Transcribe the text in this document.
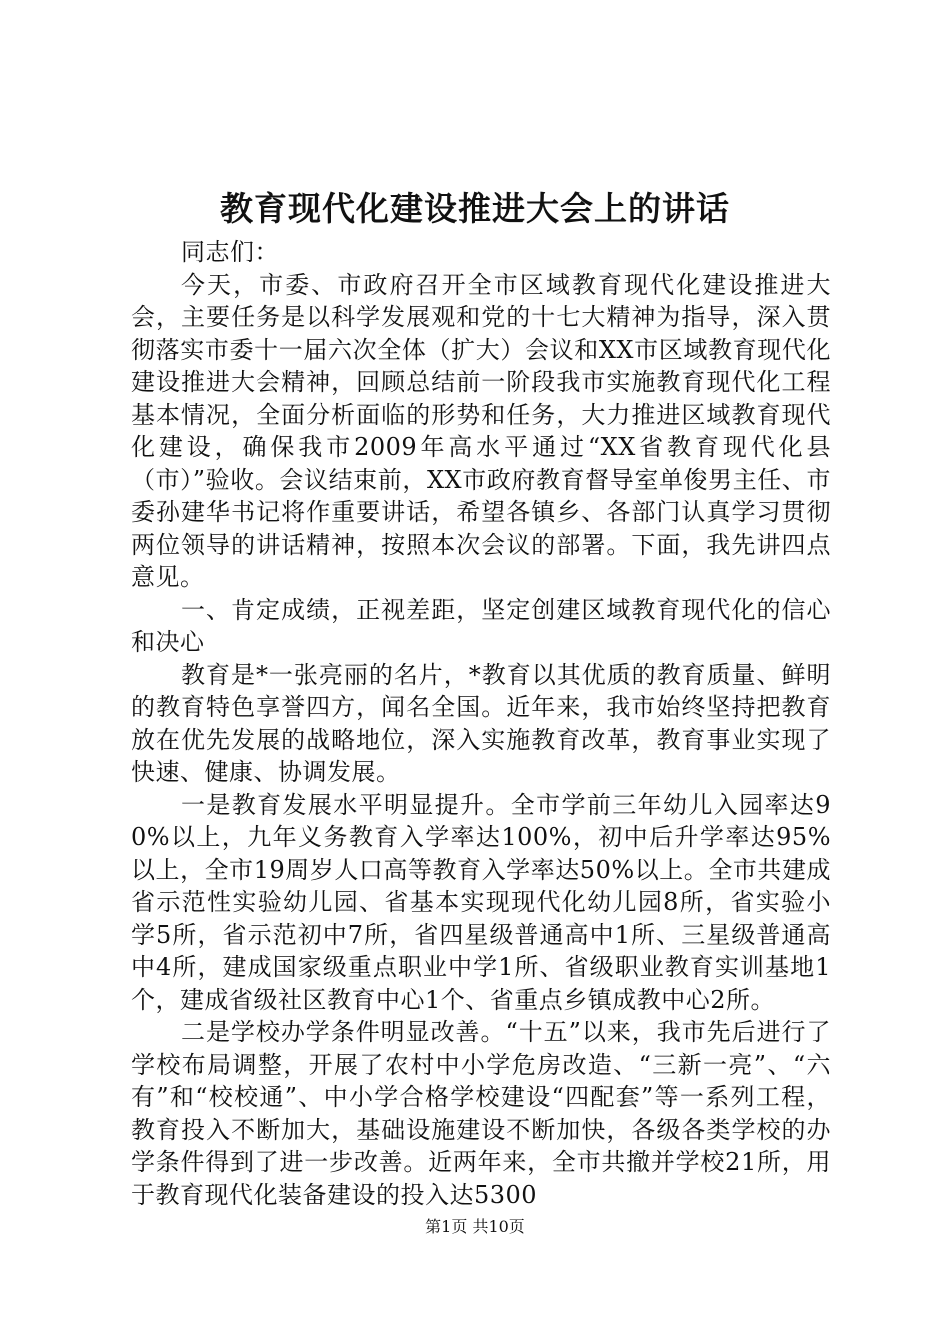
教育现代化建设推进大会上的讲话

同志们：

今天，市委、市政府召开全市区域教育现代化建设推进大会，主要任务是以科学发展观和党的十七大精神为指导，深入贯彻落实市委十一届六次全体（扩大）会议和XX市区域教育现代化建设推进大会精神，回顾总结前一阶段我市实施教育现代化工程基本情况，全面分析面临的形势和任务，大力推进区域教育现代化建设，确保我市2009年高水平通过“XX省教育现代化县（市）”验收。会议结束前，XX市政府教育督导室单俊男主任、市委孙建华书记将作重要讲话，希望各镇乡、各部门认真学习贯彻两位领导的讲话精神，按照本次会议的部署。下面，我先讲四点意见。

一、肯定成绩，正视差距，坚定创建区域教育现代化的信心和决心

教育是*一张亮丽的名片，*教育以其优质的教育质量、鲜明的教育特色享誉四方，闻名全国。近年来，我市始终坚持把教育放在优先发展的战略地位，深入实施教育改革，教育事业实现了快速、健康、协调发展。

一是教育发展水平明显提升。全市学前三年幼儿入园率达90%以上，九年义务教育入学率达100%，初中后升学率达95%以上，全市19周岁人口高等教育入学率达50%以上。全市共建成省示范性实验幼儿园、省基本实现现代化幼儿园8所，省实验小学5所，省示范初中7所，省四星级普通高中1所、三星级普通高中4所，建成国家级重点职业中学1所、省级职业教育实训基地1个，建成省级社区教育中心1个、省重点乡镇成教中心2所。

二是学校办学条件明显改善。“十五”以来，我市先后进行了学校布局调整，开展了农村中小学危房改造、“三新一亮”、“六有”和“校校通”、中小学合格学校建设“四配套”等一系列工程，教育投入不断加大，基础设施建设不断加快，各级各类学校的办学条件得到了进一步改善。近两年来，全市共撤并学校21所，用于教育现代化装备建设的投入达5300

第1页 共10页
